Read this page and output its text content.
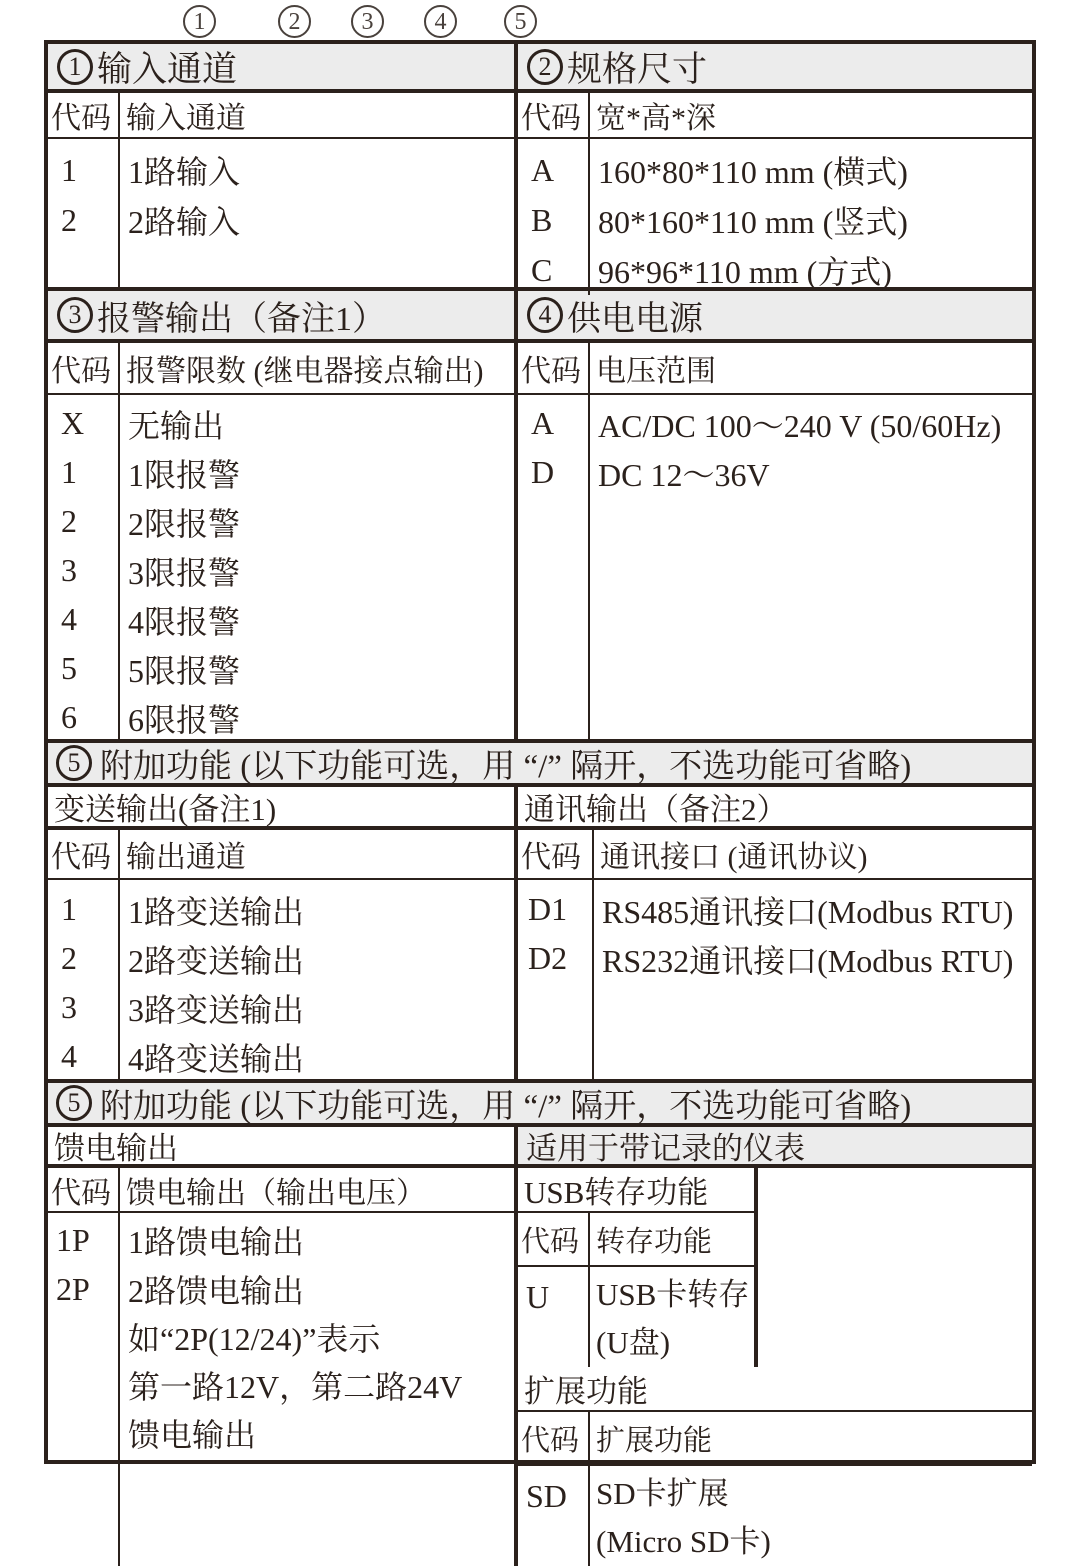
1	2	3	4	5
1 输入通道
代码 输入通道
1	1路输入
2	2路输入
2 规格尺寸
代码 宽*高*深
A	160*80*110 mm (横式)
B	80*160*110 mm (竖式)
C	96*96*110 mm (方式)
3 报警输出（备注1）
代码 报警限数 (继电器接点输出)
X	无输出
1	1限报警
2	2限报警
3	3限报警
4	4限报警
5	5限报警
6	6限报警
4 供电电源
代码 电压范围
A	AC/DC 100～240 V (50/60Hz)
D	DC 12～36V
5 附加功能 (以下功能可选，用 “/” 隔开，不选功能可省略)
变送输出(备注1)
代码 输出通道
1	1路变送输出
2	2路变送输出
3	3路变送输出
4	4路变送输出
通讯输出（备注2）
代码 通讯接口 (通讯协议)
D1	RS485通讯接口(Modbus RTU)
D2	RS232通讯接口(Modbus RTU)
5 附加功能 (以下功能可选，用 “/” 隔开，不选功能可省略)
馈电输出	适用于带记录的仪表
代码 馈电输出（输出电压）
1P	1路馈电输出
2P	2路馈电输出
如“2P(12/24)”表示
第一路12V，第二路24V
馈电输出
USB转存功能
代码 转存功能
U	USB卡转存
(U盘)
扩展功能
代码 扩展功能
SD SD卡扩展
(Micro SD卡)
